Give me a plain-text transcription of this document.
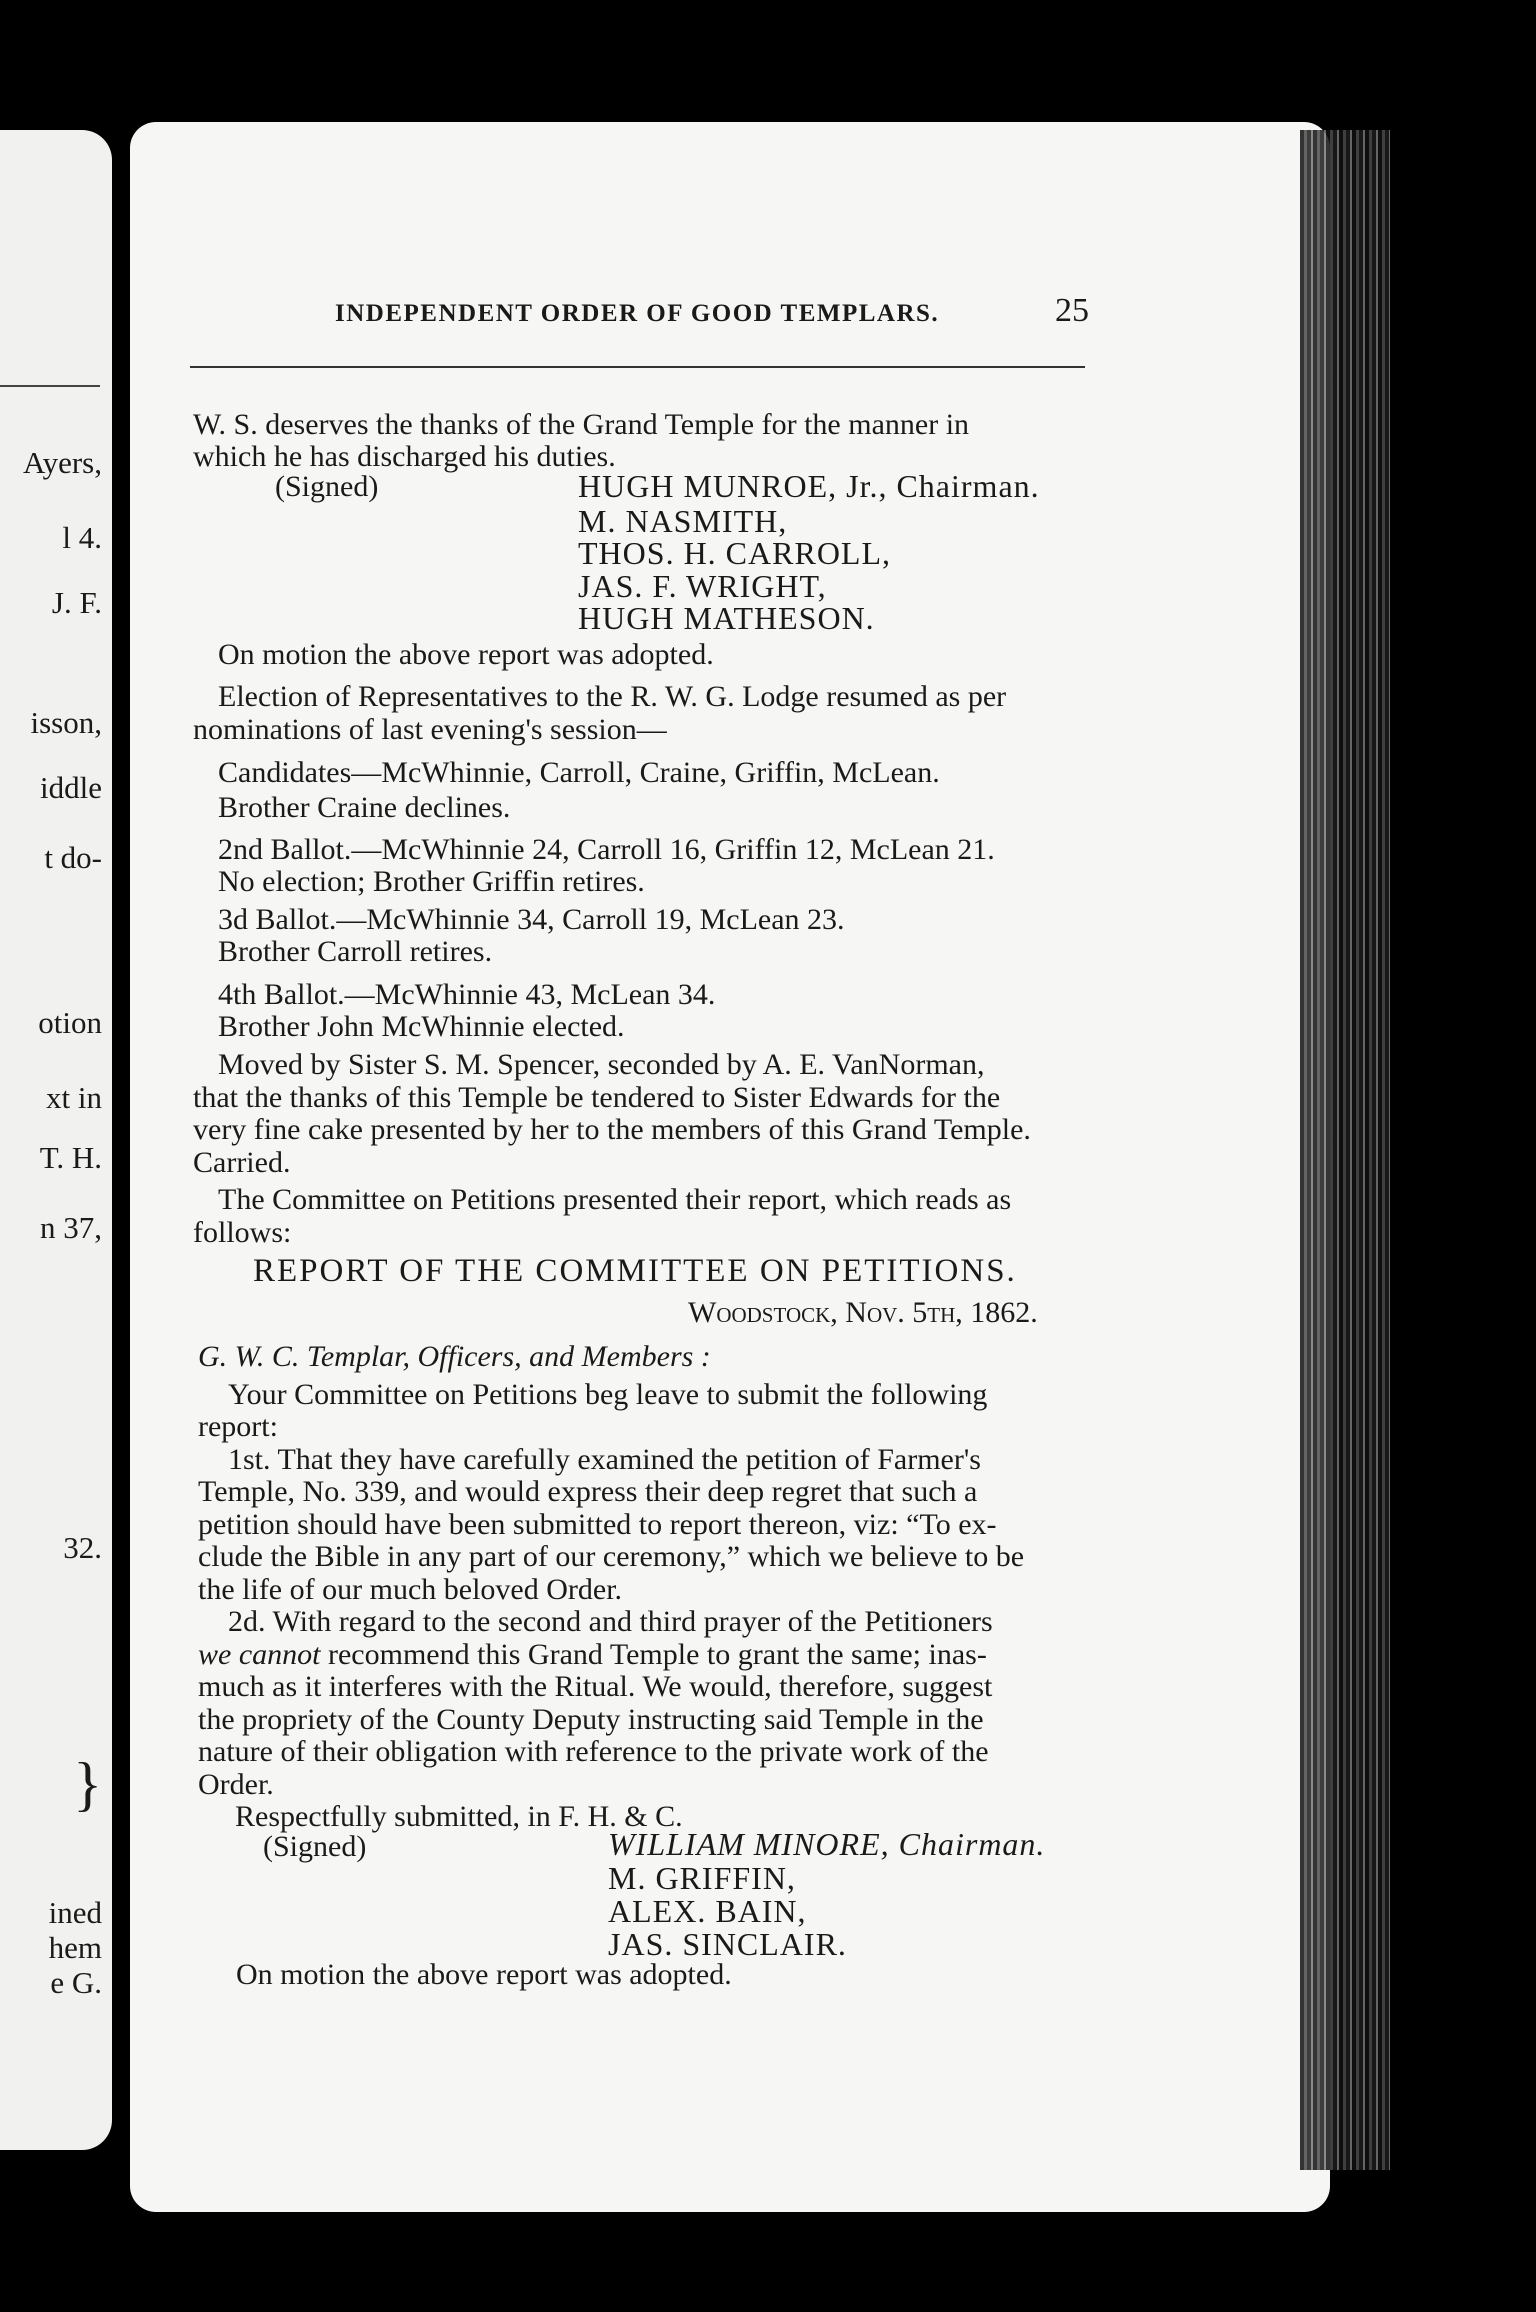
Ayers,
l 4.
J. F.
isson,
iddle
t do-
otion
xt in
T. H.
n 37,
32.
}
ined
hem
e G.
INDEPENDENT ORDER OF GOOD TEMPLARS.	25
W. S. deserves the thanks of the Grand Temple for the manner in
which he has discharged his duties.
(Signed)	HUGH MUNROE, Jr., Chairman.
M. NASMITH,
THOS. H. CARROLL,
JAS. F. WRIGHT,
HUGH MATHESON.
On motion the above report was adopted.
Election of Representatives to the R. W. G. Lodge resumed as per
nominations of last evening's session—
Candidates—McWhinnie, Carroll, Craine, Griffin, McLean.
Brother Craine declines.
2nd Ballot.—McWhinnie 24, Carroll 16, Griffin 12, McLean 21.
No election; Brother Griffin retires.
3d Ballot.—McWhinnie 34, Carroll 19, McLean 23.
Brother Carroll retires.
4th Ballot.—McWhinnie 43, McLean 34.
Brother John McWhinnie elected.
Moved by Sister S. M. Spencer, seconded by A. E. VanNorman,
that the thanks of this Temple be tendered to Sister Edwards for the
very fine cake presented by her to the members of this Grand Temple.
Carried.
The Committee on Petitions presented their report, which reads as
follows:
REPORT OF THE COMMITTEE ON PETITIONS.
Woodstock, Nov. 5th, 1862.
G. W. C. Templar, Officers, and Members :
Your Committee on Petitions beg leave to submit the following
report:
1st. That they have carefully examined the petition of Farmer's
Temple, No. 339, and would express their deep regret that such a
petition should have been submitted to report thereon, viz: “To ex-
clude the Bible in any part of our ceremony,” which we believe to be
the life of our much beloved Order.
2d. With regard to the second and third prayer of the Petitioners
we cannot recommend this Grand Temple to grant the same; inas-
much as it interferes with the Ritual. We would, therefore, suggest
the propriety of the County Deputy instructing said Temple in the
nature of their obligation with reference to the private work of the
Order.
Respectfully submitted, in F. H. & C.
(Signed)	WILLIAM MINORE, Chairman.
M. GRIFFIN,
ALEX. BAIN,
JAS. SINCLAIR.
On motion the above report was adopted.
